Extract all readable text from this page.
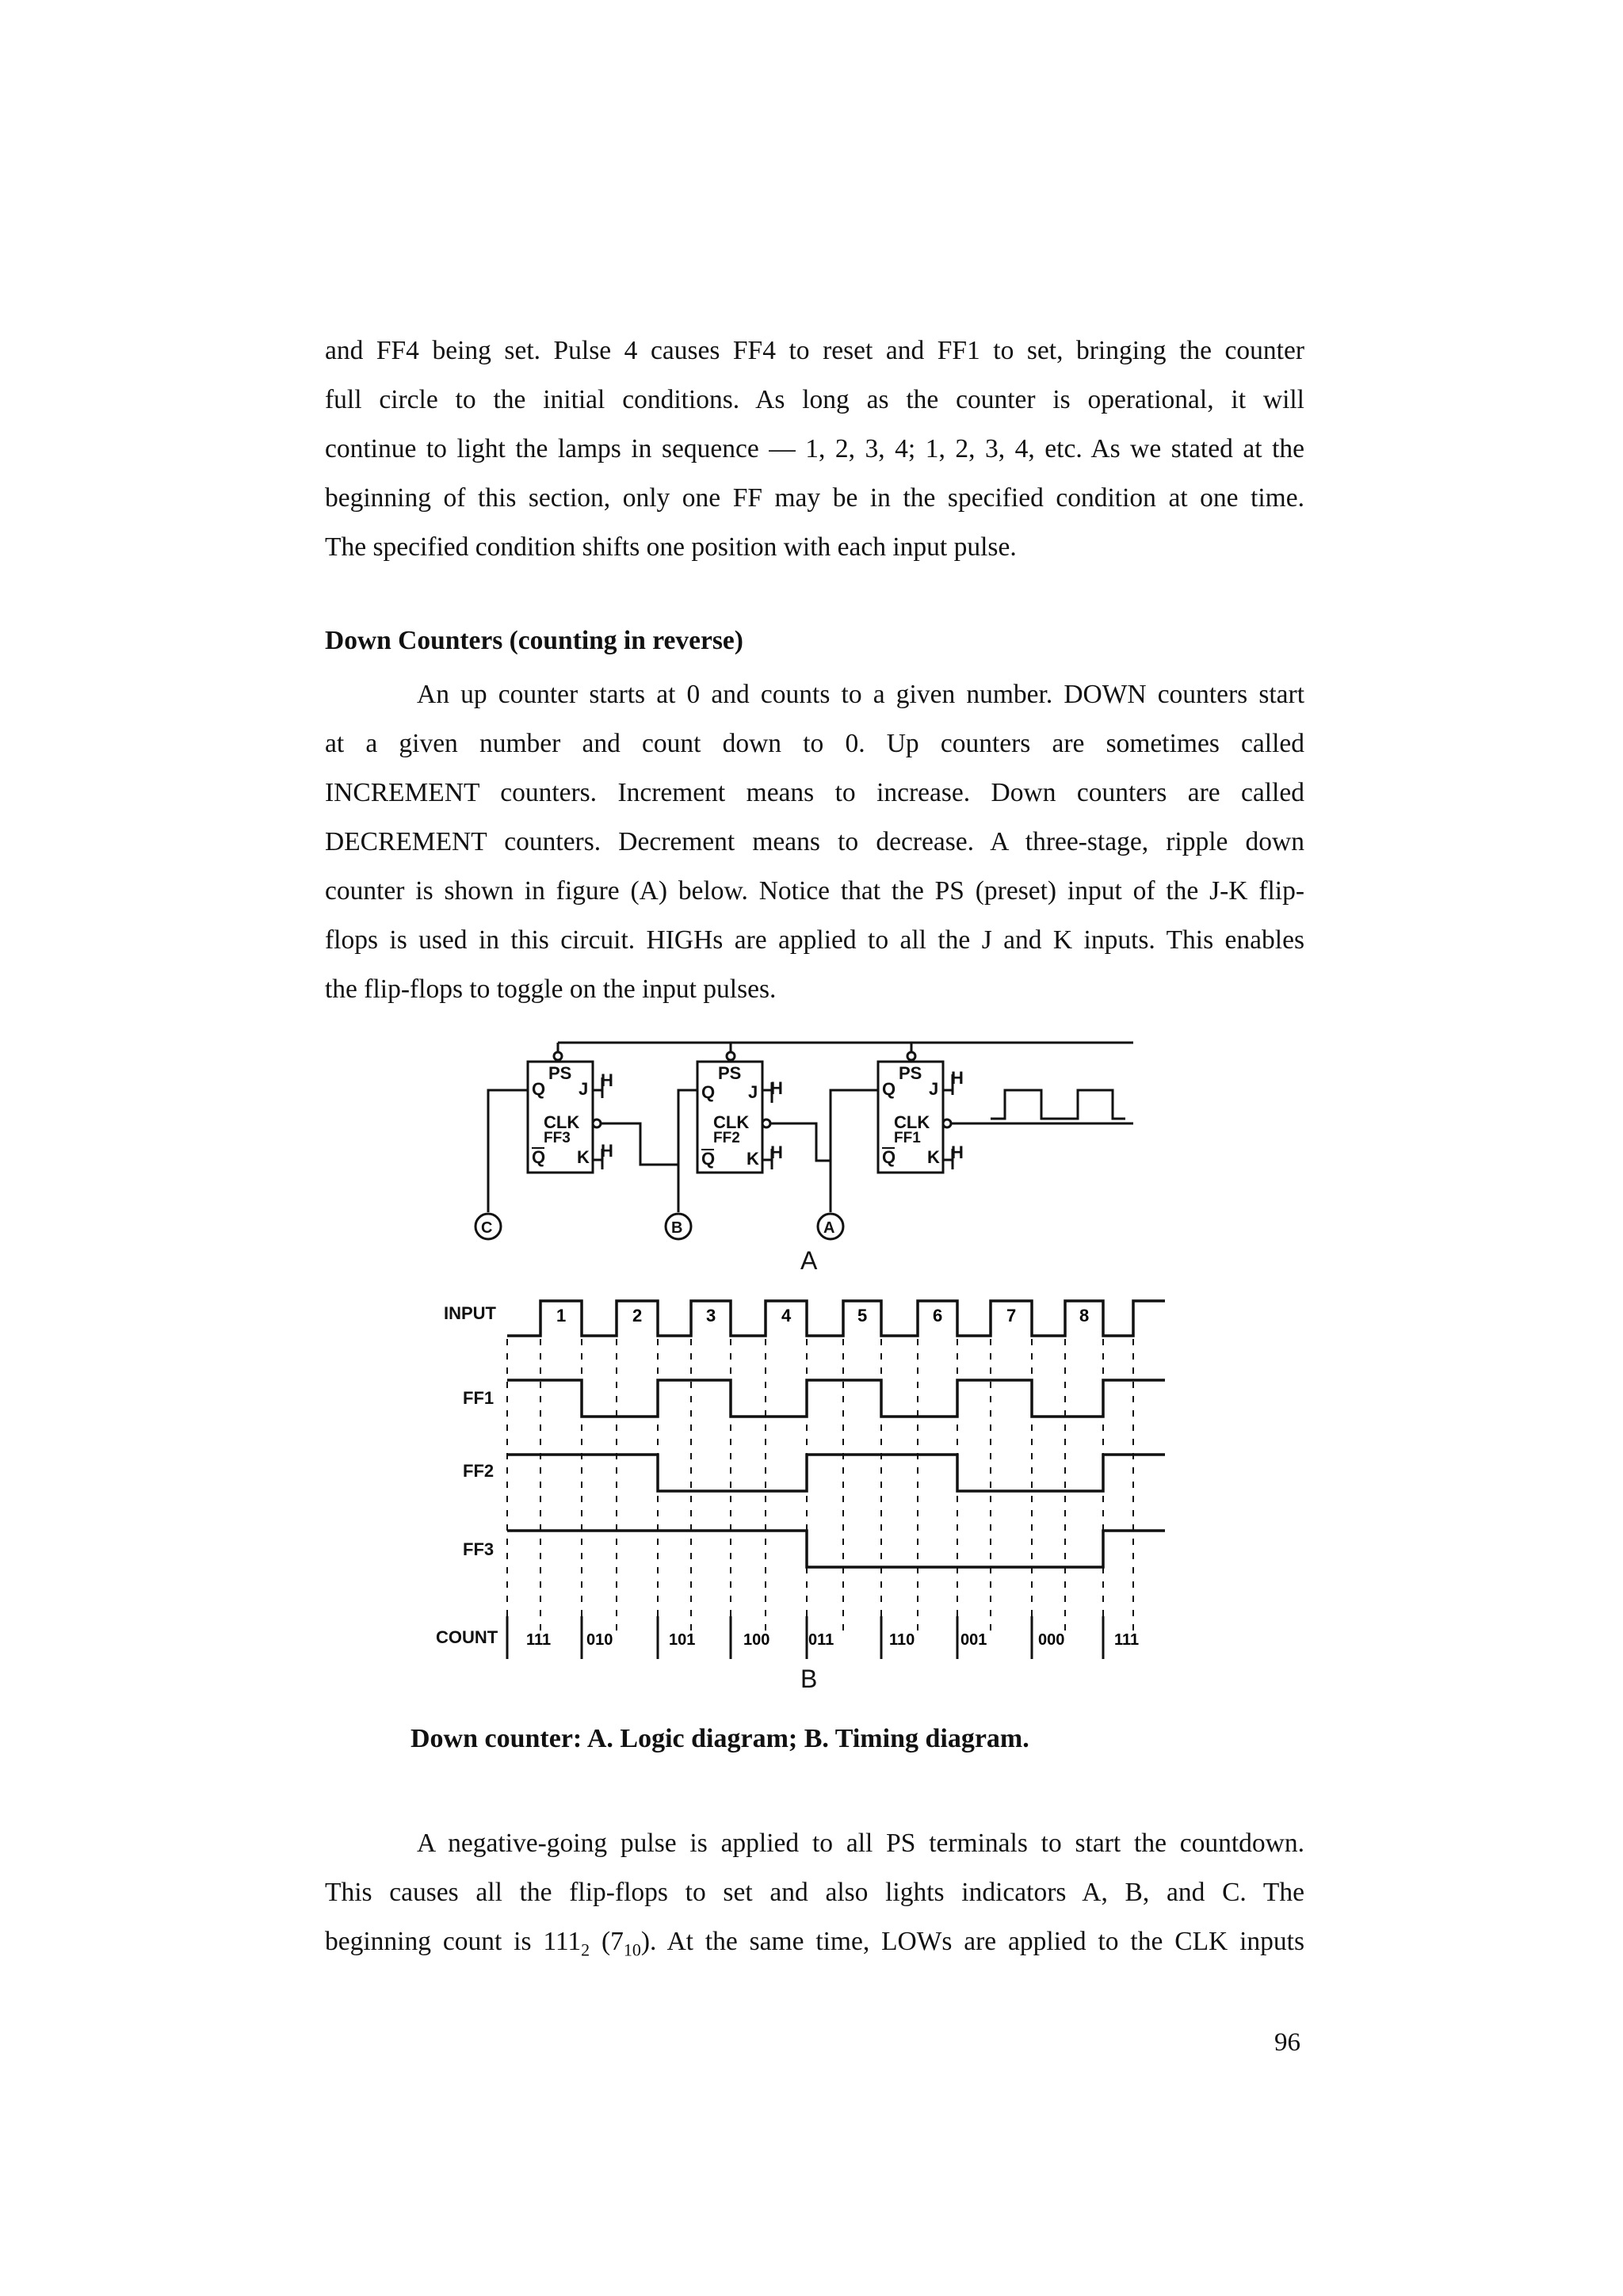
and FF4 being set. Pulse 4 causes FF4 to reset and FF1 to set, bringing the counter
full circle to the initial conditions. As long as the counter is operational, it will
continue to light the lamps in sequence — 1, 2, 3, 4; 1, 2, 3, 4, etc. As we stated at the
beginning of this section, only one FF may be in the specified condition at one time.
The specified condition shifts one position with each input pulse.

Down Counters (counting in reverse)

An up counter starts at 0 and counts to a given number. DOWN counters start
at a given number and count down to 0. Up counters are sometimes called
INCREMENT counters. Increment means to increase. Down counters are called
DECREMENT counters. Decrement means to decrease. A three-stage, ripple down
counter is shown in figure (A) below. Notice that the PS (preset) input of the J-K flip-
flops is used in this circuit. HIGHs are applied to all the J and K inputs. This enables
the flip-flops to toggle on the input pulses.
PS
Q J
CLK
FF3
Q K
PS
Q J
CLK
FF2
Q K
PS
Q J
CLK
FF1
Q K
H
H
H
H
H
H
C	B	A
A
INPUT
FF1
FF2
FF3
COUNT
B
1	2	3	4	5	6	7	8
111 010	101	100 011	110	001	000	111

Down counter: A. Logic diagram; B. Timing diagram.

A negative-going pulse is applied to all PS terminals to start the countdown.
This causes all the flip-flops to set and also lights indicators A, B, and C. The
beginning count is $111_2$ $(7_{10})$. At the same time, LOWs are applied to the CLK inputs

96
